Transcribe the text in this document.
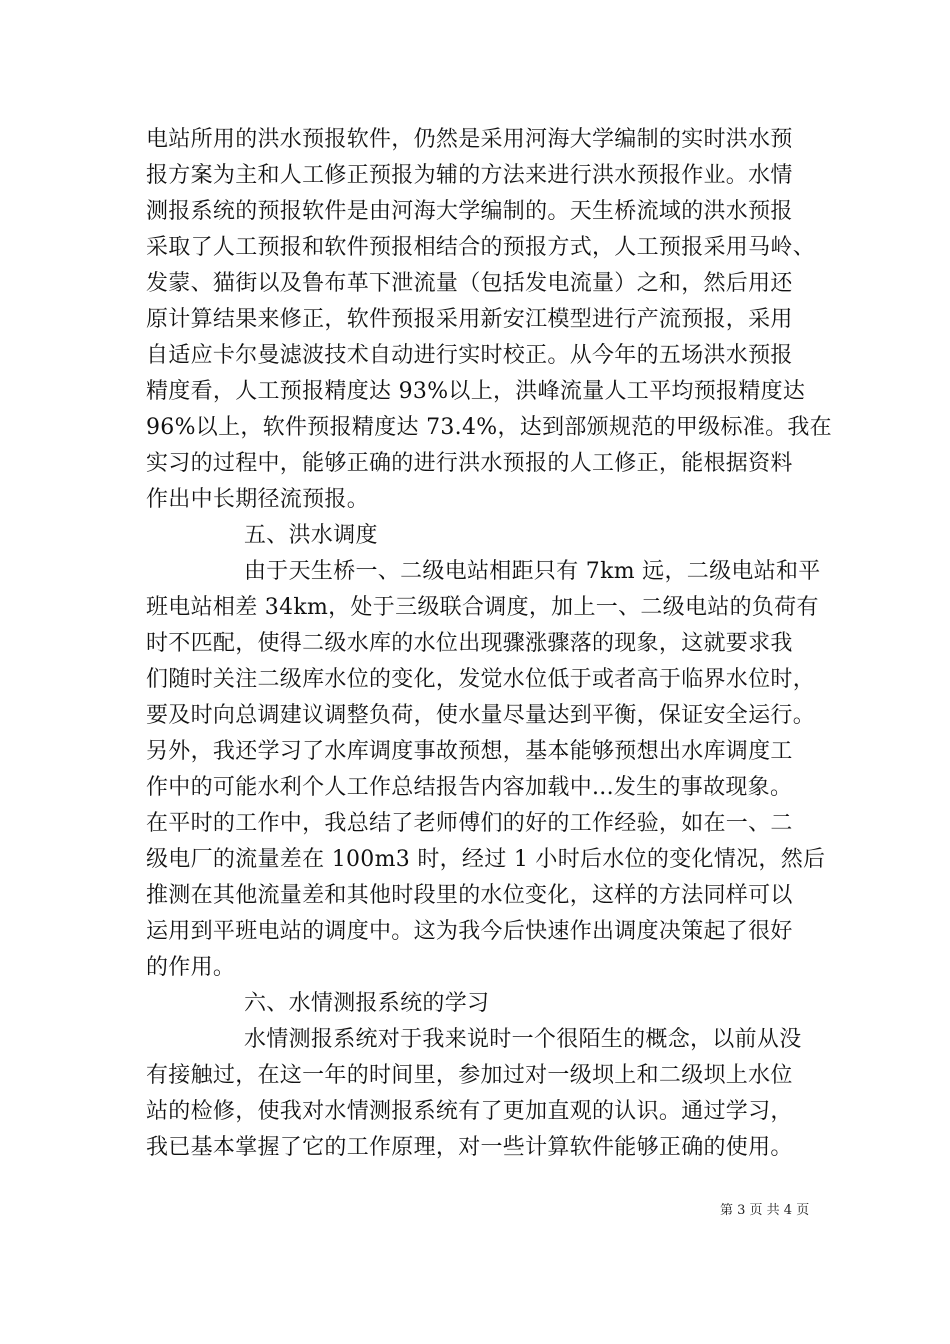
电站所用的洪水预报软件，仍然是采用河海大学编制的实时洪水预
报方案为主和人工修正预报为辅的方法来进行洪水预报作业。水情
测报系统的预报软件是由河海大学编制的。天生桥流域的洪水预报
采取了人工预报和软件预报相结合的预报方式，人工预报采用马岭、
发蒙、猫街以及鲁布革下泄流量（包括发电流量）之和，然后用还
原计算结果来修正，软件预报采用新安江模型进行产流预报，采用
自适应卡尔曼滤波技术自动进行实时校正。从今年的五场洪水预报
精度看，人工预报精度达 93%以上，洪峰流量人工平均预报精度达
96%以上，软件预报精度达 73.4%，达到部颁规范的甲级标准。我在
实习的过程中，能够正确的进行洪水预报的人工修正，能根据资料
作出中长期径流预报。
五、洪水调度
由于天生桥一、二级电站相距只有 7km 远，二级电站和平
班电站相差 34km，处于三级联合调度，加上一、二级电站的负荷有
时不匹配，使得二级水库的水位出现骤涨骤落的现象，这就要求我
们随时关注二级库水位的变化，发觉水位低于或者高于临界水位时，
要及时向总调建议调整负荷，使水量尽量达到平衡，保证安全运行。
另外，我还学习了水库调度事故预想，基本能够预想出水库调度工
作中的可能水利个人工作总结报告内容加载中...发生的事故现象。
在平时的工作中，我总结了老师傅们的好的工作经验，如在一、二
级电厂的流量差在 100m3 时，经过 1 小时后水位的变化情况，然后
推测在其他流量差和其他时段里的水位变化，这样的方法同样可以
运用到平班电站的调度中。这为我今后快速作出调度决策起了很好
的作用。
六、水情测报系统的学习
水情测报系统对于我来说时一个很陌生的概念，以前从没
有接触过，在这一年的时间里，参加过对一级坝上和二级坝上水位
站的检修，使我对水情测报系统有了更加直观的认识。通过学习，
我已基本掌握了它的工作原理，对一些计算软件能够正确的使用。
第 3 页 共 4 页
